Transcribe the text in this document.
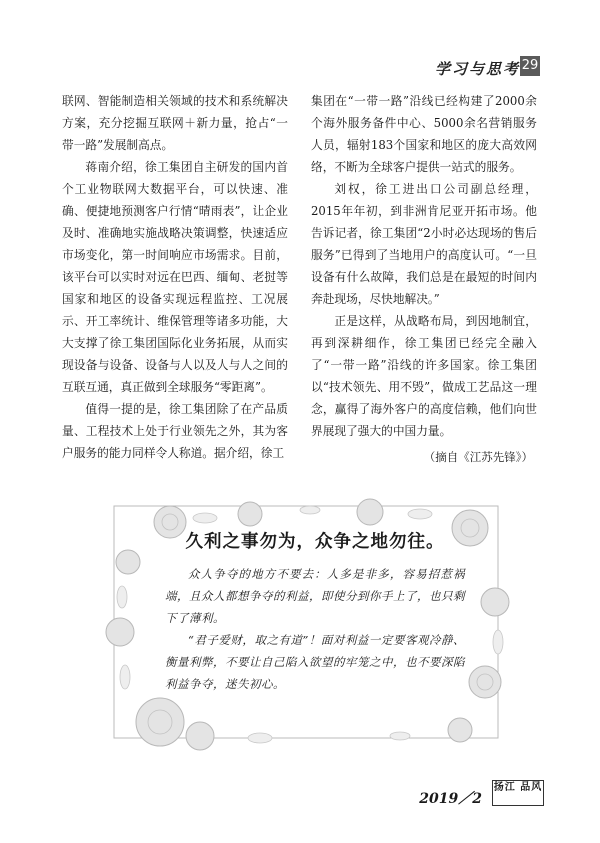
学习与思考 29

联网、智能制造相关领域的技术和系统解决方案，充分挖掘互联网＋新力量，抢占“一带一路”发展制高点。

蒋南介绍，徐工集团自主研发的国内首个工业物联网大数据平台，可以快速、准确、便捷地预测客户行情“晴雨表”，让企业及时、准确地实施战略决策调整，快速适应市场变化，第一时间响应市场需求。目前，该平台可以实时对远在巴西、缅甸、老挝等国家和地区的设备实现远程监控、工况展示、开工率统计、维保管理等诸多功能，大大支撑了徐工集团国际化业务拓展，从而实现设备与设备、设备与人以及人与人之间的互联互通，真正做到全球服务“零距离”。

值得一提的是，徐工集团除了在产品质量、工程技术上处于行业领先之外，其为客户服务的能力同样令人称道。据介绍，徐工

集团在“一带一路”沿线已经构建了2000余个海外服务备件中心、5000余名营销服务人员，辐射183个国家和地区的庞大高效网络，不断为全球客户提供一站式的服务。

刘权，徐工进出口公司副总经理，2015年年初，到非洲肯尼亚开拓市场。他告诉记者，徐工集团“2小时必达现场的售后服务”已得到了当地用户的高度认可。“一旦设备有什么故障，我们总是在最短的时间内奔赴现场，尽快地解决。”

正是这样，从战略布局，到因地制宜，再到深耕细作，徐工集团已经完全融入了“一带一路”沿线的许多国家。徐工集团以“技术领先、用不毁”，做成工艺品这一理念，赢得了海外客户的高度信赖，他们向世界展现了强大的中国力量。

（摘自《江苏先锋》）
久利之事勿为，众争之地勿往。

众人争夺的地方不要去：人多是非多，容易招惹祸端，且众人都想争夺的利益，即使分到你手上了，也只剩下了薄利。

“君子爱财，取之有道”！面对利益一定要客观冷静、衡量利弊，不要让自己陷入欲望的牢笼之中，也不要深陷利益争夺，迷失初心。

2019／2
扬江 品风
